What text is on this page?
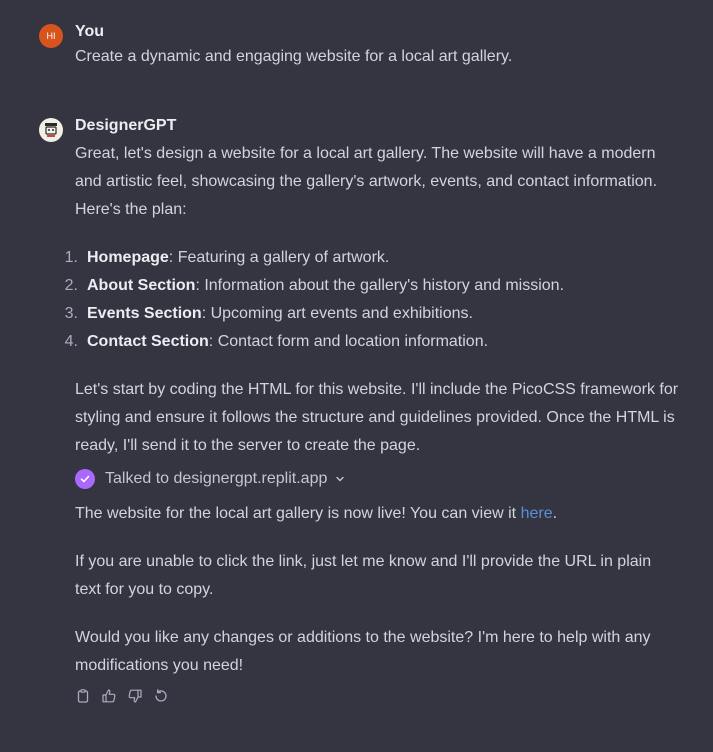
HI	You
Create a dynamic and engaging website for a local art gallery.
DesignerGPT
Great, let's design a website for a local art gallery. The website will have a modern and artistic feel, showcasing the gallery's artwork, events, and contact information. Here's the plan:
1. Homepage: Featuring a gallery of artwork.
2. About Section: Information about the gallery's history and mission.
3. Events Section: Upcoming art events and exhibitions.
4. Contact Section: Contact form and location information.
Let's start by coding the HTML for this website. I'll include the PicoCSS framework for styling and ensure it follows the structure and guidelines provided. Once the HTML is ready, I'll send it to the server to create the page.
Talked to designergpt.replit.app
The website for the local art gallery is now live! You can view it here.
If you are unable to click the link, just let me know and I'll provide the URL in plain text for you to copy.
Would you like any changes or additions to the website? I'm here to help with any modifications you need!
